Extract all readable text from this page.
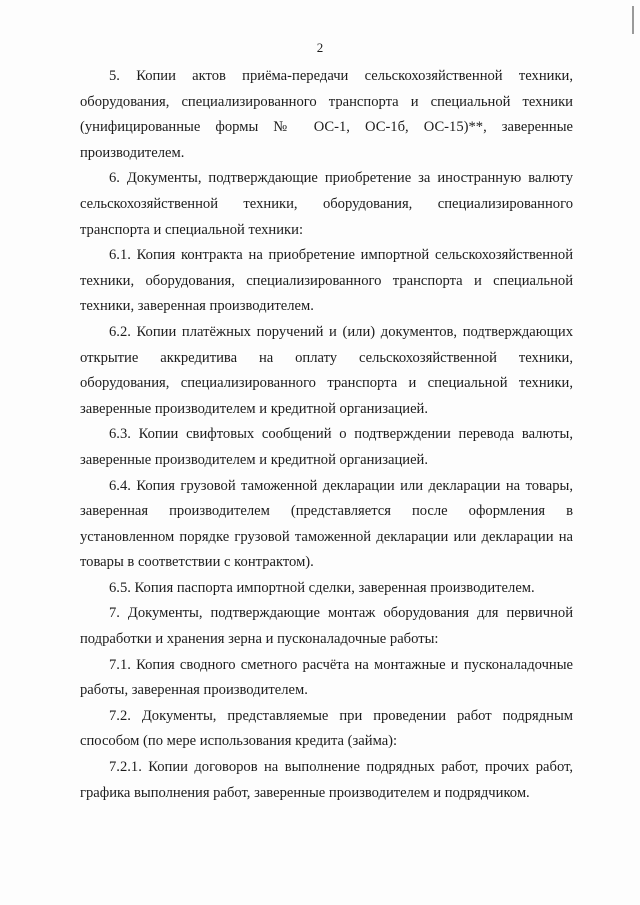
2

5. Копии актов приёма-передачи сельскохозяйственной техники, оборудования, специализированного транспорта и специальной техники (унифицированные формы № ОС-1, ОС-1б, ОС-15)**, заверенные производителем.

6. Документы, подтверждающие приобретение за иностранную валюту сельскохозяйственной техники, оборудования, специализированного транспорта и специальной техники:

6.1. Копия контракта на приобретение импортной сельскохозяйственной техники, оборудования, специализированного транспорта и специальной техники, заверенная производителем.

6.2. Копии платёжных поручений и (или) документов, подтверждающих открытие аккредитива на оплату сельскохозяйственной техники, оборудования, специализированного транспорта и специальной техники, заверенные производителем и кредитной организацией.

6.3. Копии свифтовых сообщений о подтверждении перевода валюты, заверенные производителем и кредитной организацией.

6.4. Копия грузовой таможенной декларации или декларации на товары, заверенная производителем (представляется после оформления в установленном порядке грузовой таможенной декларации или декларации на товары в соответствии с контрактом).

6.5. Копия паспорта импортной сделки, заверенная производителем.

7. Документы, подтверждающие монтаж оборудования для первичной подработки и хранения зерна и пусконаладочные работы:

7.1. Копия сводного сметного расчёта на монтажные и пусконаладочные работы, заверенная производителем.

7.2. Документы, представляемые при проведении работ подрядным способом (по мере использования кредита (займа):

7.2.1. Копии договоров на выполнение подрядных работ, прочих работ, графика выполнения работ, заверенные производителем и подрядчиком.
